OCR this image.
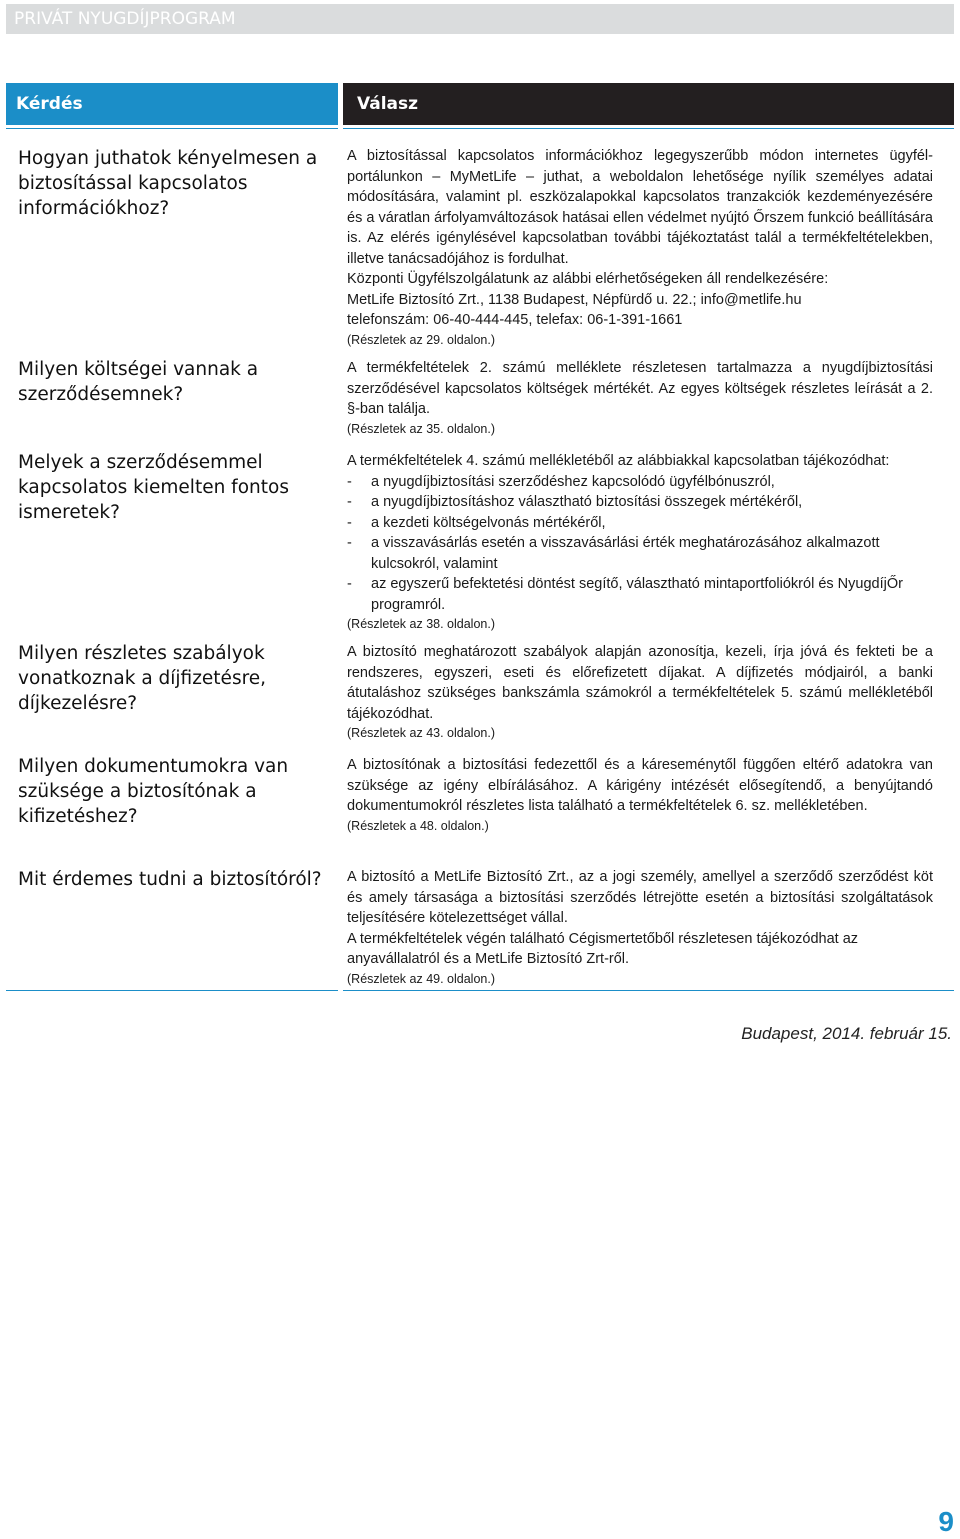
PRIVÁT NYUGDÍJPROGRAM
Kérdés	Válasz
Hogyan juthatok kényelmesen a biztosítással kapcsolatos információkhoz?

A biztosítással kapcsolatos információkhoz legegyszerűbb módon internetes ügyfélportálunkon – MyMetLife – juthat, a weboldalon lehetősége nyílik személyes adatai módosítására, valamint pl. eszközalapokkal kapcsolatos tranzakciók kezdeményezésére és a váratlan árfolyamváltozások hatásai ellen védelmet nyújtó Őrszem funkció beállítására is. Az elérés igénylésével kapcsolatban további tájékoztatást talál a termékfeltételekben, illetve tanácsadójához is fordulhat.

Központi Ügyfélszolgálatunk az alábbi elérhetőségeken áll rendelkezésére:

MetLife Biztosító Zrt., 1138 Budapest, Népfürdő u. 22.; info@metlife.hu

telefonszám: 06-40-444-445, telefax: 06-1-391-1661

(Részletek az 29. oldalon.)

Milyen költségei vannak a szerződésemnek?

A termékfeltételek 2. számú melléklete részletesen tartalmazza a nyugdíjbiztosítási szerződésével kapcsolatos költségek mértékét. Az egyes költségek részletes leírását a 2. §-ban találja.

(Részletek az 35. oldalon.)

Melyek a szerződésemmel kapcsolatos kiemelten fontos ismeretek?

A termékfeltételek 4. számú mellékletéből az alábbiakkal kapcsolatban tájékozódhat:

- a nyugdíjbiztosítási szerződéshez kapcsolódó ügyfélbónuszról,
- a nyugdíjbiztosításhoz választható biztosítási összegek mértékéről,
- a kezdeti költségelvonás mértékéről,
- a visszavásárlás esetén a visszavásárlási érték meghatározásához alkalmazott kulcsokról, valamint
- az egyszerű befektetési döntést segítő, választható mintaportfoliókról és NyugdíjŐr programról.

(Részletek az 38. oldalon.)

Milyen részletes szabályok vonatkoznak a díjfizetésre, díjkezelésre?

A biztosító meghatározott szabályok alapján azonosítja, kezeli, írja jóvá és fekteti be a rendszeres, egyszeri, eseti és előrefizetett díjakat. A díjfizetés módjairól, a banki átutaláshoz szükséges bankszámla számokról a termékfeltételek 5. számú mellékletéből tájékozódhat.

(Részletek az 43. oldalon.)

Milyen dokumentumokra van szüksége a biztosítónak a kifizetéshez?

A biztosítónak a biztosítási fedezettől és a káreseménytől függően eltérő adatokra van szüksége az igény elbírálásához. A kárigény intézését elősegítendő, a benyújtandó dokumentumokról részletes lista található a termékfeltételek 6. sz. mellékletében.

(Részletek a 48. oldalon.)

Mit érdemes tudni a biztosítóról?	A biztosító a MetLife Biztosító Zrt., az a jogi személy, amellyel a szerződő szerződést köt és amely társasága a biztosítási szerződés létrejötte esetén a biztosítási szolgáltatások teljesítésére kötelezettséget vállal.

A termékfeltételek végén található Cégismertetőből részletesen tájékozódhat az anyavállalatról és a MetLife Biztosító Zrt-ről.

(Részletek az 49. oldalon.)

Budapest, 2014. február 15.
9
